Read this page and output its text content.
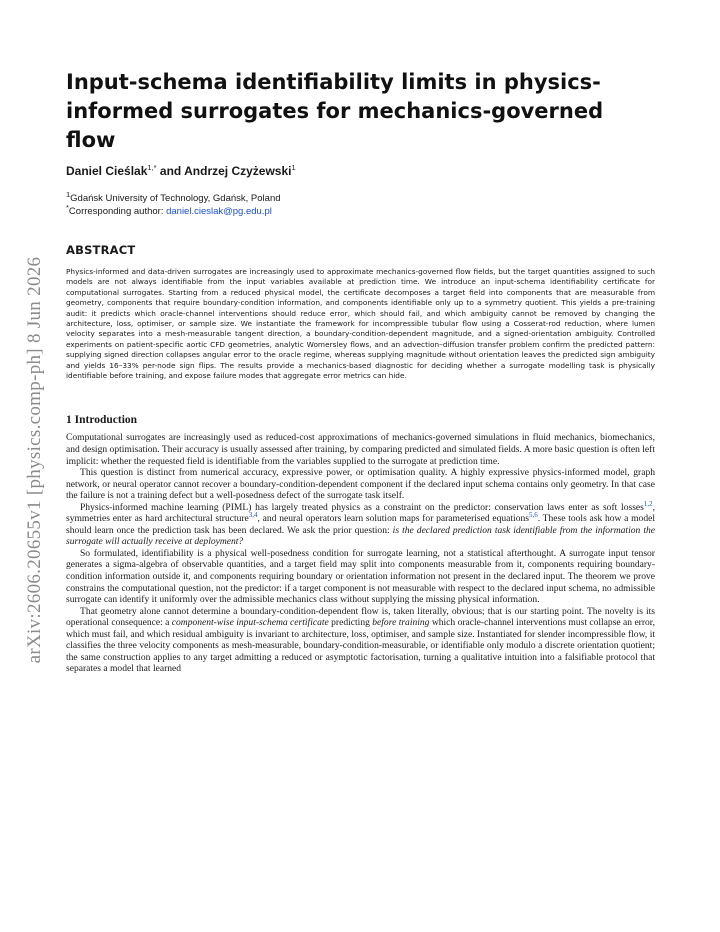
arXiv:2606.20655v1 [physics.comp-ph] 8 Jun 2026
Input-schema identifiability limits in physics-informed surrogates for mechanics-governed flow
Daniel Cieślak$^{1,*}$ and Andrzej Czyżewski$^1$
$^1$Gdańsk University of Technology, Gdańsk, Poland
*Corresponding author: daniel.cieslak@pg.edu.pl
ABSTRACT

Physics-informed and data-driven surrogates are increasingly used to approximate mechanics-governed flow fields, but the target quantities assigned to such models are not always identifiable from the input variables available at prediction time. We introduce an input-schema identifiability certificate for computational surrogates. Starting from a reduced physical model, the certificate decomposes a target field into components that are measurable from geometry, components that require boundary-condition information, and components identifiable only up to a symmetry quotient. This yields a pre-training audit: it predicts which oracle-channel interventions should reduce error, which should fail, and which ambiguity cannot be removed by changing the architecture, loss, optimiser, or sample size. We instantiate the framework for incompressible tubular flow using a Cosserat-rod reduction, where lumen velocity separates into a mesh-measurable tangent direction, a boundary-condition-dependent magnitude, and a signed-orientation ambiguity. Controlled experiments on patient-specific aortic CFD geometries, analytic Womersley flows, and an advection–diffusion transfer problem confirm the predicted pattern: supplying signed direction collapses angular error to the oracle regime, whereas supplying magnitude without orientation leaves the predicted sign ambiguity and yields 16–33% per-node sign flips. The results provide a mechanics-based diagnostic for deciding whether a surrogate modelling task is physically identifiable before training, and expose failure modes that aggregate error metrics can hide.

1 Introduction

Computational surrogates are increasingly used as reduced-cost approximations of mechanics-governed simulations in fluid mechanics, biomechanics, and design optimisation. Their accuracy is usually assessed after training, by comparing predicted and simulated fields. A more basic question is often left implicit: whether the requested field is identifiable from the variables supplied to the surrogate at prediction time.

This question is distinct from numerical accuracy, expressive power, or optimisation quality. A highly expressive physics-informed model, graph network, or neural operator cannot recover a boundary-condition-dependent component if the declared input schema contains only geometry. In that case the failure is not a training defect but a well-posedness defect of the surrogate task itself.

Physics-informed machine learning (PIML) has largely treated physics as a constraint on the predictor: conservation laws enter as soft losses$^{1,2}$, symmetries enter as hard architectural structure$^{3,4}$, and neural operators learn solution maps for parameterised equations$^{5,6}$. These tools ask how a model should learn once the prediction task has been declared. We ask the prior question: is the declared prediction task identifiable from the information the surrogate will actually receive at deployment?

So formulated, identifiability is a physical well-posedness condition for surrogate learning, not a statistical afterthought. A surrogate input tensor generates a sigma-algebra of observable quantities, and a target field may split into components measurable from it, components requiring boundary-condition information outside it, and components requiring boundary or orientation information not present in the declared input. The theorem we prove constrains the computational question, not the predictor: if a target component is not measurable with respect to the declared input schema, no admissible surrogate can identify it uniformly over the admissible mechanics class without supplying the missing physical information.

That geometry alone cannot determine a boundary-condition-dependent flow is, taken literally, obvious; that is our starting point. The novelty is its operational consequence: a component-wise input-schema certificate predicting before training which oracle-channel interventions must collapse an error, which must fail, and which residual ambiguity is invariant to architecture, loss, optimiser, and sample size. Instantiated for slender incompressible flow, it classifies the three velocity components as mesh-measurable, boundary-condition-measurable, or identifiable only modulo a discrete orientation quotient; the same construction applies to any target admitting a reduced or asymptotic factorisation, turning a qualitative intuition into a falsifiable protocol that separates a model that learned
